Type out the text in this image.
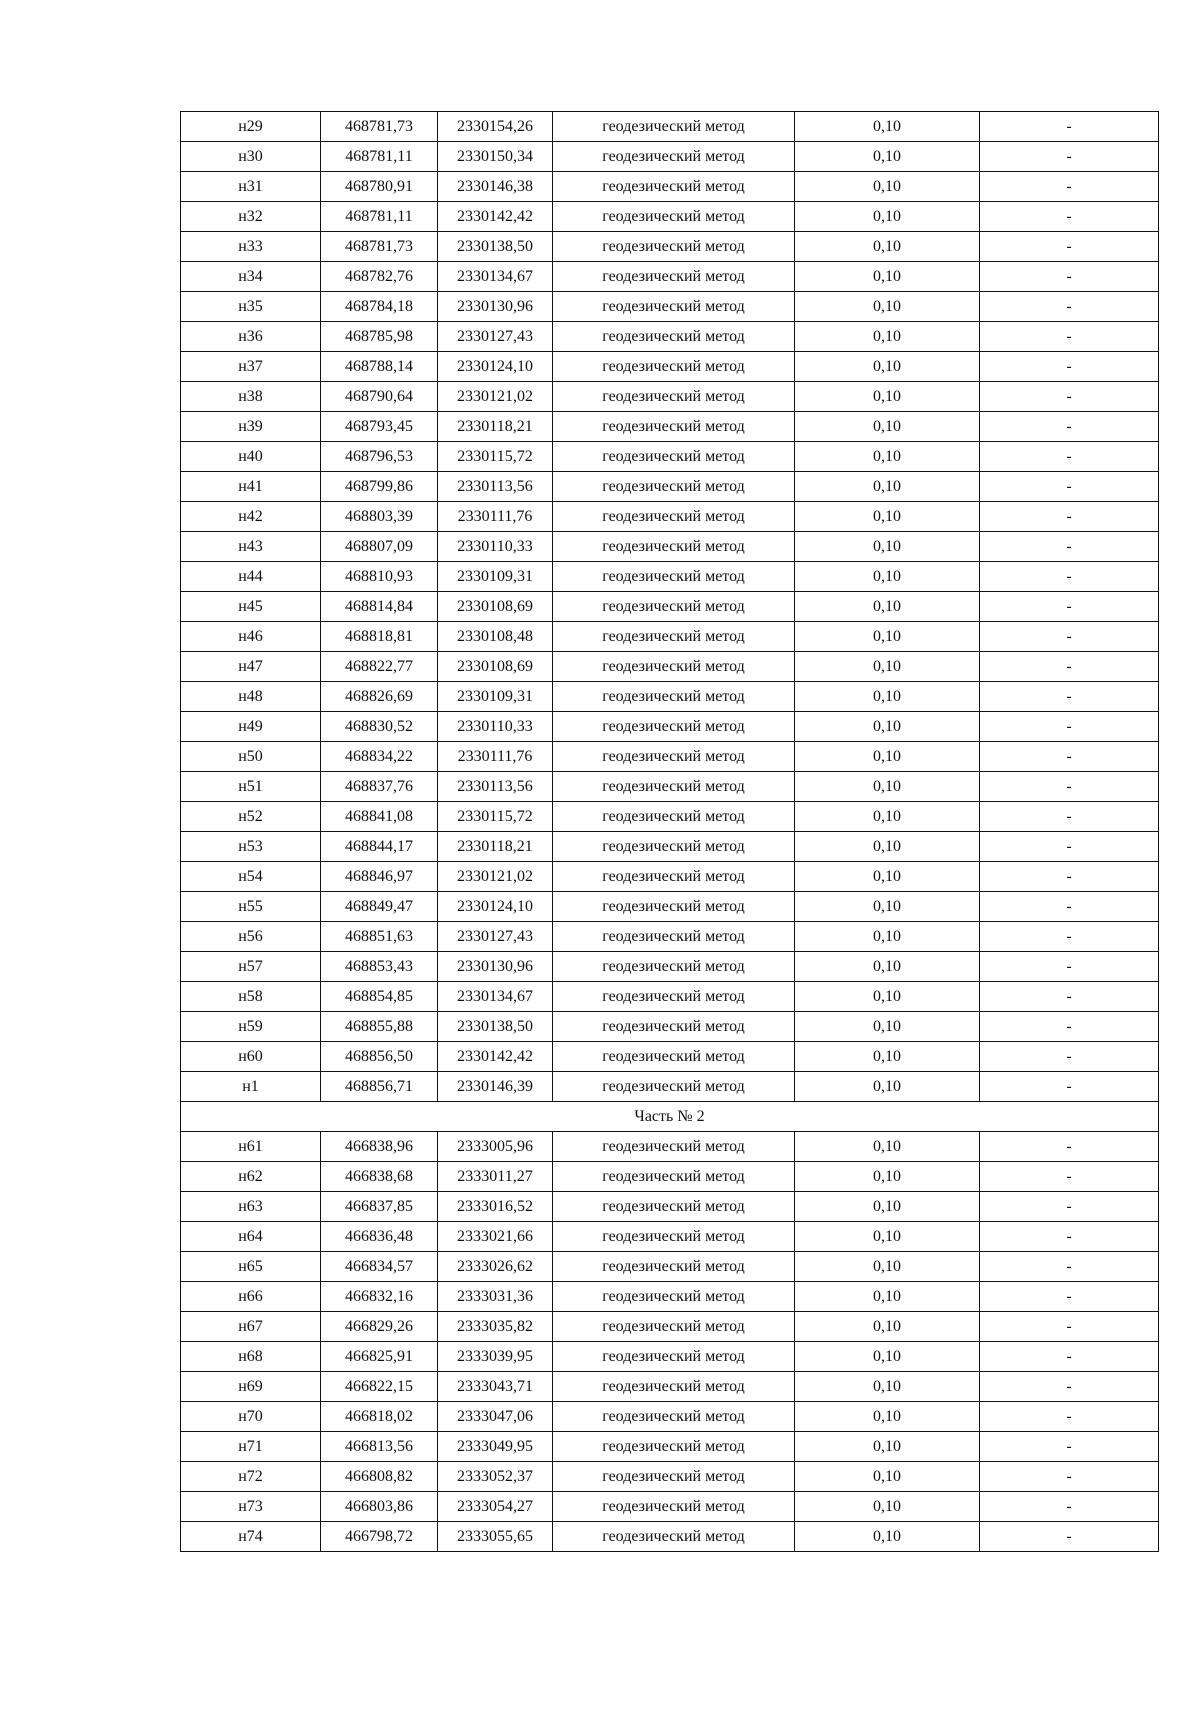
н29	468781,73	2330154,26	геодезический метод	0,10	-
н30	468781,11	2330150,34	геодезический метод	0,10	-
н31	468780,91	2330146,38	геодезический метод	0,10	-
н32	468781,11	2330142,42	геодезический метод	0,10	-
н33	468781,73	2330138,50	геодезический метод	0,10	-
н34	468782,76	2330134,67	геодезический метод	0,10	-
н35	468784,18	2330130,96	геодезический метод	0,10	-
н36	468785,98	2330127,43	геодезический метод	0,10	-
н37	468788,14	2330124,10	геодезический метод	0,10	-
н38	468790,64	2330121,02	геодезический метод	0,10	-
н39	468793,45	2330118,21	геодезический метод	0,10	-
н40	468796,53	2330115,72	геодезический метод	0,10	-
н41	468799,86	2330113,56	геодезический метод	0,10	-
н42	468803,39	2330111,76	геодезический метод	0,10	-
н43	468807,09	2330110,33	геодезический метод	0,10	-
н44	468810,93	2330109,31	геодезический метод	0,10	-
н45	468814,84	2330108,69	геодезический метод	0,10	-
н46	468818,81	2330108,48	геодезический метод	0,10	-
н47	468822,77	2330108,69	геодезический метод	0,10	-
н48	468826,69	2330109,31	геодезический метод	0,10	-
н49	468830,52	2330110,33	геодезический метод	0,10	-
н50	468834,22	2330111,76	геодезический метод	0,10	-
н51	468837,76	2330113,56	геодезический метод	0,10	-
н52	468841,08	2330115,72	геодезический метод	0,10	-
н53	468844,17	2330118,21	геодезический метод	0,10	-
н54	468846,97	2330121,02	геодезический метод	0,10	-
н55	468849,47	2330124,10	геодезический метод	0,10	-
н56	468851,63	2330127,43	геодезический метод	0,10	-
н57	468853,43	2330130,96	геодезический метод	0,10	-
н58	468854,85	2330134,67	геодезический метод	0,10	-
н59	468855,88	2330138,50	геодезический метод	0,10	-
н60	468856,50	2330142,42	геодезический метод	0,10	-
н1	468856,71	2330146,39	геодезический метод	0,10	-
Часть № 2					
н61	466838,96	2333005,96	геодезический метод	0,10	-
н62	466838,68	2333011,27	геодезический метод	0,10	-
н63	466837,85	2333016,52	геодезический метод	0,10	-
н64	466836,48	2333021,66	геодезический метод	0,10	-
н65	466834,57	2333026,62	геодезический метод	0,10	-
н66	466832,16	2333031,36	геодезический метод	0,10	-
н67	466829,26	2333035,82	геодезический метод	0,10	-
н68	466825,91	2333039,95	геодезический метод	0,10	-
н69	466822,15	2333043,71	геодезический метод	0,10	-
н70	466818,02	2333047,06	геодезический метод	0,10	-
н71	466813,56	2333049,95	геодезический метод	0,10	-
н72	466808,82	2333052,37	геодезический метод	0,10	-
н73	466803,86	2333054,27	геодезический метод	0,10	-
н74	466798,72	2333055,65	геодезический метод	0,10	-
